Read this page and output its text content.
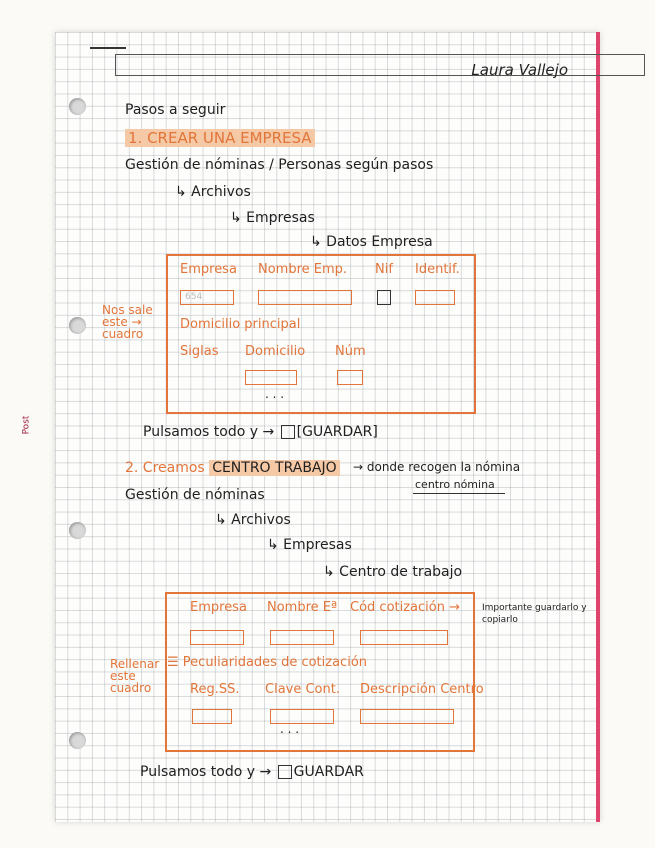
Laura Vallejo
Post
Pasos a seguir
1. CREAR UNA EMPRESA
Gestión de nóminas / Personas según pasos
↳ Archivos
↳ Empresas
↳ Datos Empresa
Empresa Nombre Emp. Nif Identif.
654
Domicilio principal
Siglas Domicilio Núm
. . .
Nos sale este → cuadro
Pulsamos todo y → [GUARDAR]
2. Creamos CENTRO TRABAJO → donde recogen la nómina
centro nómina
Gestión de nóminas
↳ Archivos
↳ Empresas
↳ Centro de trabajo
Empresa Nombre Eª Cód cotización → Importante guardarlo y copiarlo
☰ Peculiaridades de cotización
Reg.SS. Clave Cont. Descripción Centro
. . .
Rellenar este cuadro
Pulsamos todo y → GUARDAR
